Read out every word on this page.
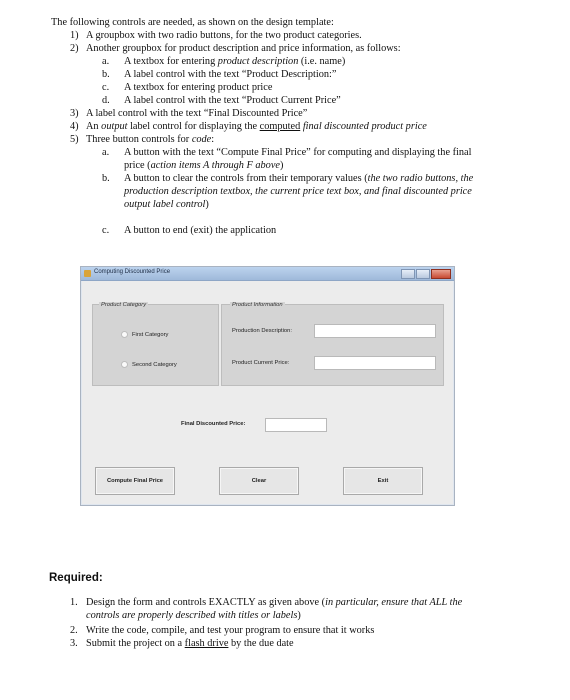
The following controls are needed, as shown on the design template:
1) A groupbox with two radio buttons, for the two product categories.
2) Another groupbox for product description and price information, as follows:
a. A textbox for entering product description (i.e. name)
b. A label control with the text “Product Description:”
c. A textbox for entering product price
d. A label control with the text “Product Current Price”
3) A label control with the text “Final Discounted Price”
4) An output label control for displaying the computed final discounted product price
5) Three button controls for code:
a. A button with the text “Compute Final Price” for computing and displaying the final
price (action items A through F above)
b. A button to clear the controls from their temporary values (the two radio buttons, the
production description textbox, the current price text box, and final discounted price
output label control)
c. A button to end (exit) the application
Computing Discounted Price
Product Category
First Category
Second Category
Product Information
Production Description:
Product Current Price:
Final Discounted Price:
Compute Final Price	Clear	Exit
Required:
1. Design the form and controls EXACTLY as given above (in particular, ensure that ALL the
controls are properly described with titles or labels)
2. Write the code, compile, and test your program to ensure that it works
3. Submit the project on a flash drive by the due date
